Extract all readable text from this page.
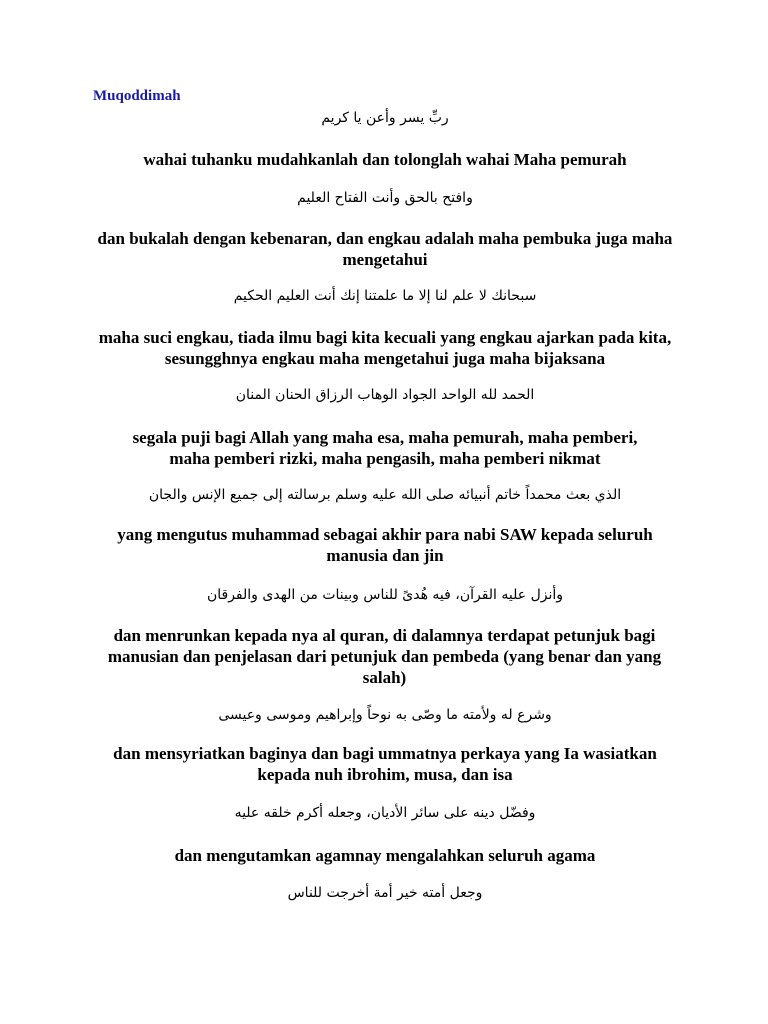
Muqoddimah

ربِّ يسر وأعن يا كريم

wahai tuhanku mudahkanlah dan tolonglah wahai Maha pemurah

وافتح بالحق وأنت الفتاح العليم

dan bukalah dengan kebenaran, dan engkau adalah maha pembuka juga maha mengetahui

سبحانك لا علم لنا إلا ما علمتنا إنك أنت العليم الحكيم

maha suci engkau, tiada ilmu bagi kita kecuali yang engkau ajarkan pada kita, sesungghnya engkau maha mengetahui juga maha bijaksana

الحمد لله الواحد الجواد الوهاب الرزاق الحنان المنان

segala puji bagi Allah yang maha esa, maha pemurah, maha pemberi, maha pemberi rizki, maha pengasih, maha pemberi nikmat

الذي بعث محمداً خاتم أنبيائه صلى الله عليه وسلم برسالته إلى جميع الإنس والجان

yang mengutus muhammad sebagai akhir para nabi SAW kepada seluruh manusia dan jin

وأنزل عليه القرآن، فيه هُدىً للناس وبينات من الهدى والفرقان

dan menrunkan kepada nya al quran, di dalamnya terdapat petunjuk bagi manusian dan penjelasan dari petunjuk dan pembeda (yang benar dan yang salah)

وشرع له ولأمته ما وصّى به نوحاً وإبراهيم وموسى وعيسى

dan mensyriatkan baginya dan bagi ummatnya perkaya yang Ia wasiatkan kepada nuh ibrohim, musa, dan isa

وفضّل دينه على سائر الأديان، وجعله أكرم خلقه عليه

dan mengutamkan agamnay mengalahkan seluruh agama

وجعل أمته خير أمة أخرجت للناس
